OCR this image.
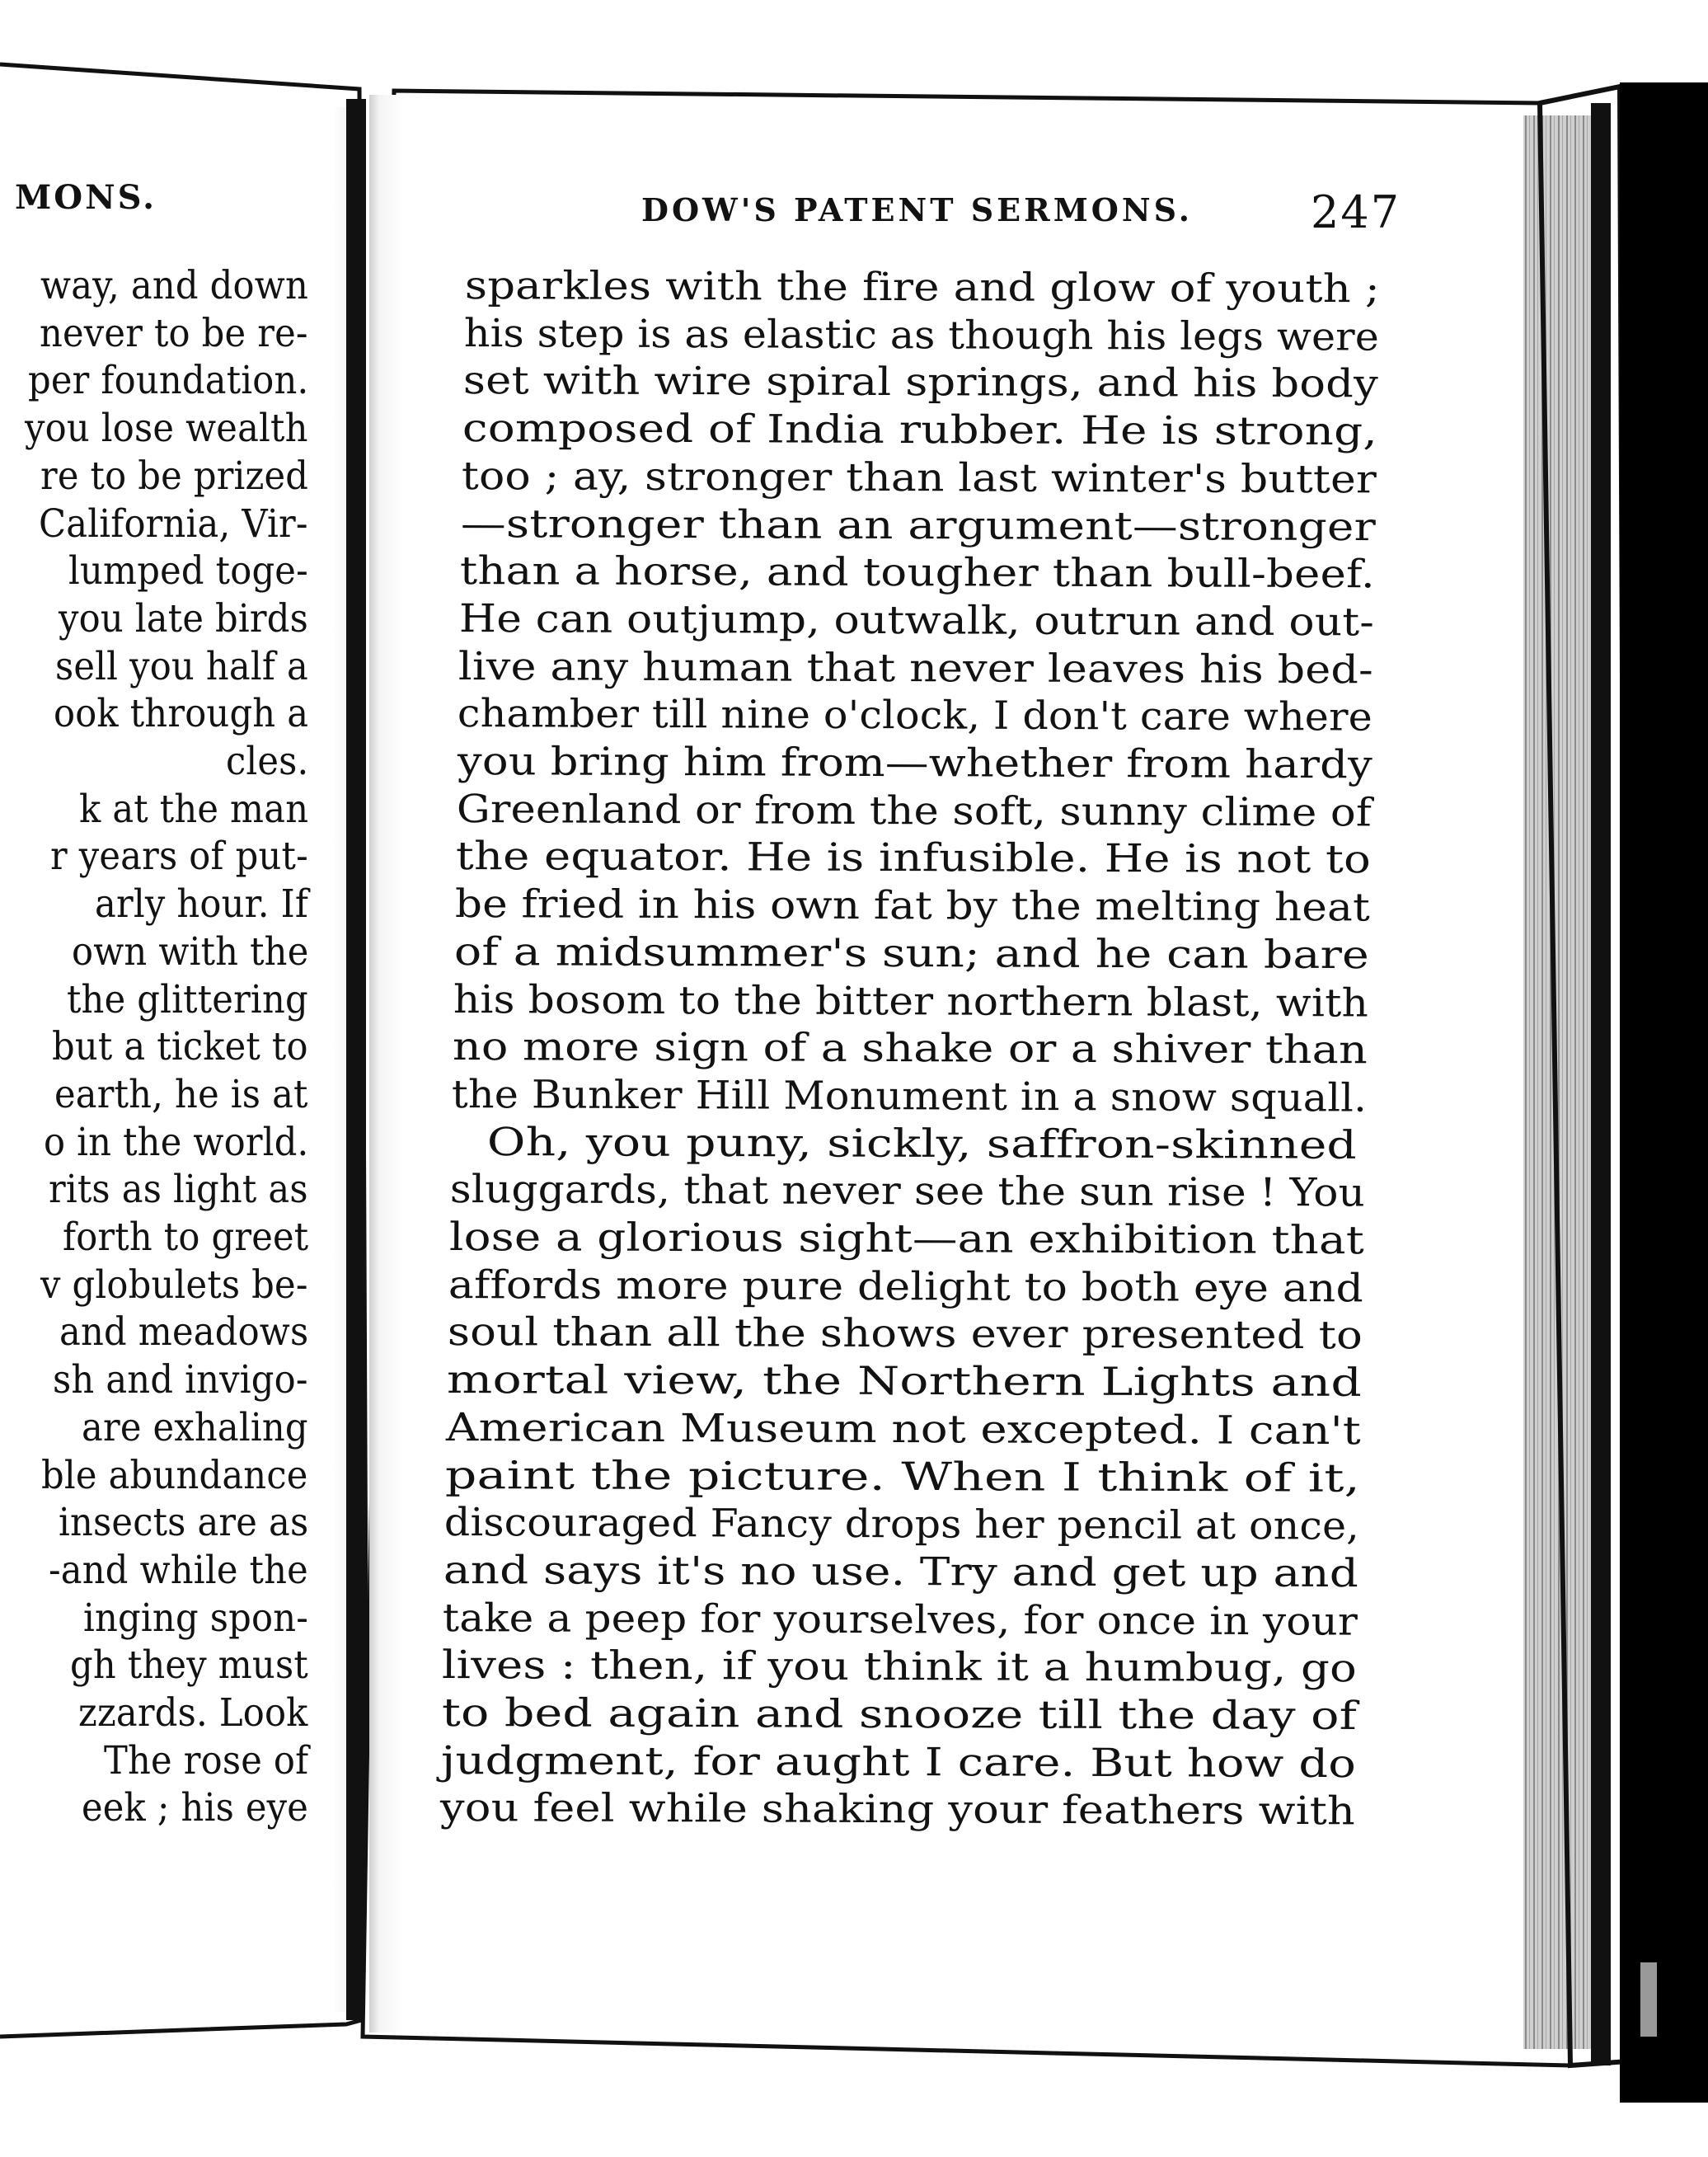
MONS.
way, and down
never to be re-
per foundation.
you lose wealth
re to be prized
California, Vir-
lumped toge-
you late birds
sell you half a
ook through a
cles.
k at the man
r years of put-
arly hour. If
own with the
the glittering
but a ticket to
earth, he is at
o in the world.
rits as light as
forth to greet
v globulets be-
and meadows
sh and invigo-
are exhaling
ble abundance
insects are as
-and while the
inging spon-
gh they must
zzards. Look
The rose of
eek ; his eye
DOW'S PATENT SERMONS.	247
sparkles with the fire and glow of youth ;
his step is as elastic as though his legs were
set with wire spiral springs, and his body
composed of India rubber. He is strong,
too ; ay, stronger than last winter's butter
—stronger than an argument—stronger
than a horse, and tougher than bull-beef.
He can outjump, outwalk, outrun and out-
live any human that never leaves his bed-
chamber till nine o'clock, I don't care where
you bring him from—whether from hardy
Greenland or from the soft, sunny clime of
the equator. He is infusible. He is not to
be fried in his own fat by the melting heat
of a midsummer's sun; and he can bare
his bosom to the bitter northern blast, with
no more sign of a shake or a shiver than
the Bunker Hill Monument in a snow squall.
Oh, you puny, sickly, saffron-skinned
sluggards, that never see the sun rise ! You
lose a glorious sight—an exhibition that
affords more pure delight to both eye and
soul than all the shows ever presented to
mortal view, the Northern Lights and
American Museum not excepted. I can't
paint the picture. When I think of it,
discouraged Fancy drops her pencil at once,
and says it's no use. Try and get up and
take a peep for yourselves, for once in your
lives : then, if you think it a humbug, go
to bed again and snooze till the day of
judgment, for aught I care. But how do
you feel while shaking your feathers with
